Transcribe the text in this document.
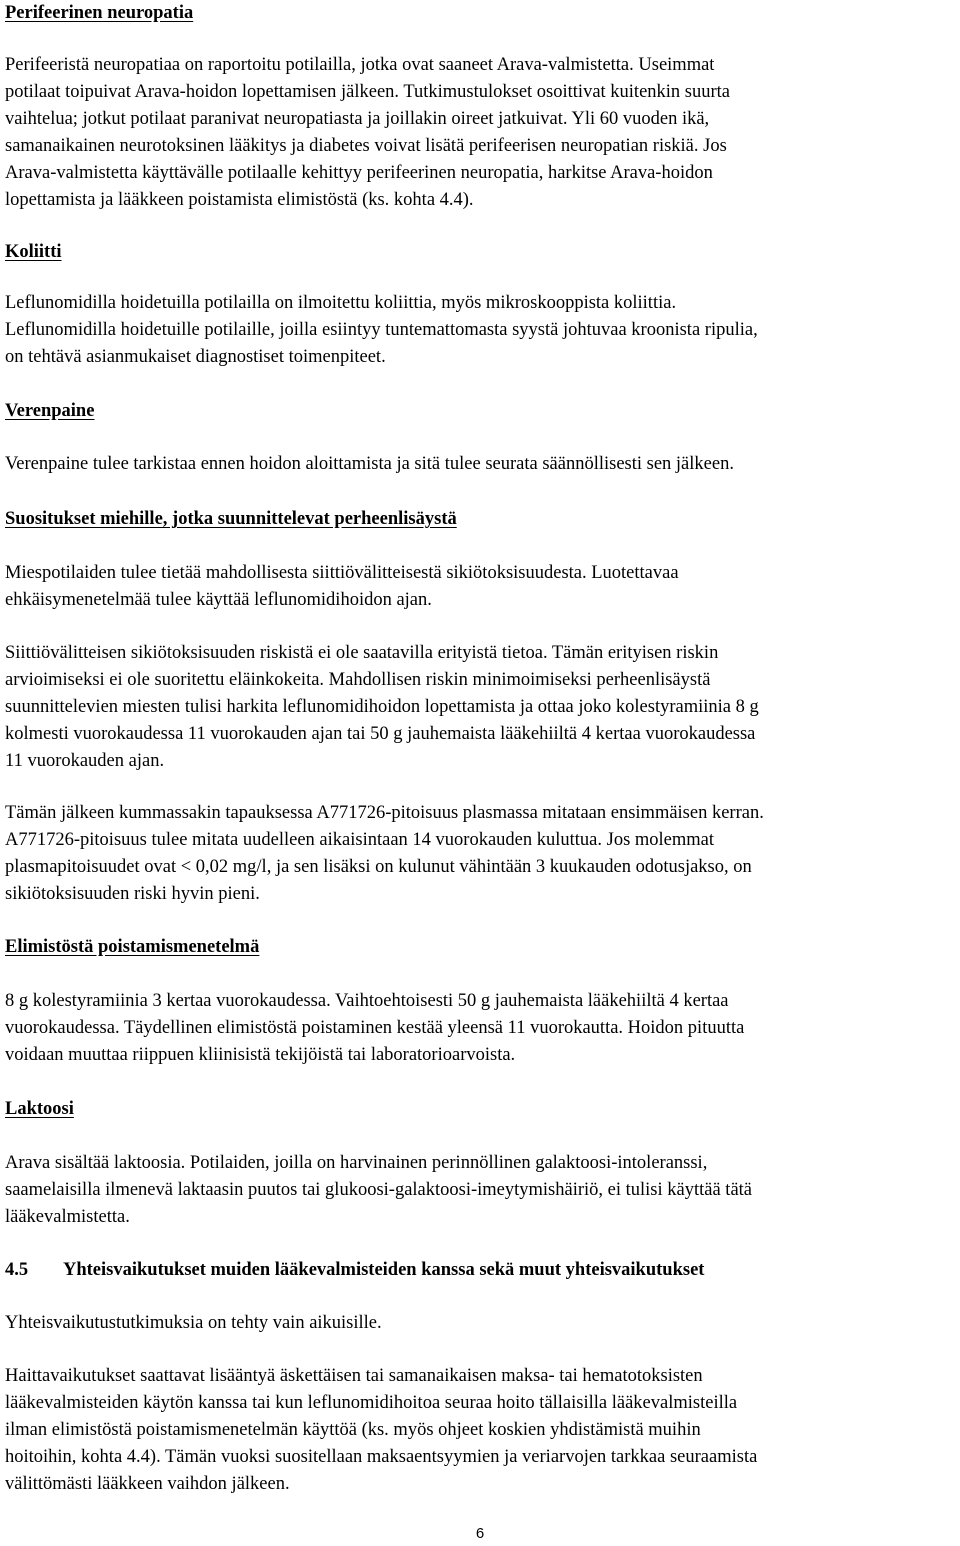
Perifeerinen neuropatia

Perifeeristä neuropatiaa on raportoitu potilailla, jotka ovat saaneet Arava-valmistetta. Useimmat
potilaat toipuivat Arava-hoidon lopettamisen jälkeen. Tutkimustulokset osoittivat kuitenkin suurta
vaihtelua; jotkut potilaat paranivat neuropatiasta ja joillakin oireet jatkuivat. Yli 60 vuoden ikä,
samanaikainen neurotoksinen lääkitys ja diabetes voivat lisätä perifeerisen neuropatian riskiä. Jos
Arava-valmistetta käyttävälle potilaalle kehittyy perifeerinen neuropatia, harkitse Arava-hoidon
lopettamista ja lääkkeen poistamista elimistöstä (ks. kohta 4.4).

Koliitti

Leflunomidilla hoidetuilla potilailla on ilmoitettu koliittia, myös mikroskooppista koliittia.
Leflunomidilla hoidetuille potilaille, joilla esiintyy tuntemattomasta syystä johtuvaa kroonista ripulia,
on tehtävä asianmukaiset diagnostiset toimenpiteet.

Verenpaine

Verenpaine tulee tarkistaa ennen hoidon aloittamista ja sitä tulee seurata säännöllisesti sen jälkeen.

Suositukset miehille, jotka suunnittelevat perheenlisäystä

Miespotilaiden tulee tietää mahdollisesta siittiövälitteisestä sikiötoksisuudesta. Luotettavaa
ehkäisymenetelmää tulee käyttää leflunomidihoidon ajan.

Siittiövälitteisen sikiötoksisuuden riskistä ei ole saatavilla erityistä tietoa. Tämän erityisen riskin
arvioimiseksi ei ole suoritettu eläinkokeita. Mahdollisen riskin minimoimiseksi perheenlisäystä
suunnittelevien miesten tulisi harkita leflunomidihoidon lopettamista ja ottaa joko kolestyramiinia 8 g
kolmesti vuorokaudessa 11 vuorokauden ajan tai 50 g jauhemaista lääkehiiltä 4 kertaa vuorokaudessa
11 vuorokauden ajan.

Tämän jälkeen kummassakin tapauksessa A771726-pitoisuus plasmassa mitataan ensimmäisen kerran.
A771726-pitoisuus tulee mitata uudelleen aikaisintaan 14 vuorokauden kuluttua. Jos molemmat
plasmapitoisuudet ovat < 0,02 mg/l, ja sen lisäksi on kulunut vähintään 3 kuukauden odotusjakso, on
sikiötoksisuuden riski hyvin pieni.

Elimistöstä poistamismenetelmä

8 g kolestyramiinia 3 kertaa vuorokaudessa. Vaihtoehtoisesti 50 g jauhemaista lääkehiiltä 4 kertaa
vuorokaudessa. Täydellinen elimistöstä poistaminen kestää yleensä 11 vuorokautta. Hoidon pituutta
voidaan muuttaa riippuen kliinisistä tekijöistä tai laboratorioarvoista.

Laktoosi

Arava sisältää laktoosia. Potilaiden, joilla on harvinainen perinnöllinen galaktoosi-intoleranssi,
saamelaisilla ilmenevä laktaasin puutos tai glukoosi-galaktoosi-imeytymishäiriö, ei tulisi käyttää tätä
lääkevalmistetta.

4.5 Yhteisvaikutukset muiden lääkevalmisteiden kanssa sekä muut yhteisvaikutukset

Yhteisvaikutustutkimuksia on tehty vain aikuisille.

Haittavaikutukset saattavat lisääntyä äskettäisen tai samanaikaisen maksa- tai hematotoksisten
lääkevalmisteiden käytön kanssa tai kun leflunomidihoitoa seuraa hoito tällaisilla lääkevalmisteilla
ilman elimistöstä poistamismenetelmän käyttöä (ks. myös ohjeet koskien yhdistämistä muihin
hoitoihin, kohta 4.4). Tämän vuoksi suositellaan maksaentsyymien ja veriarvojen tarkkaa seuraamista
välittömästi lääkkeen vaihdon jälkeen.

6
